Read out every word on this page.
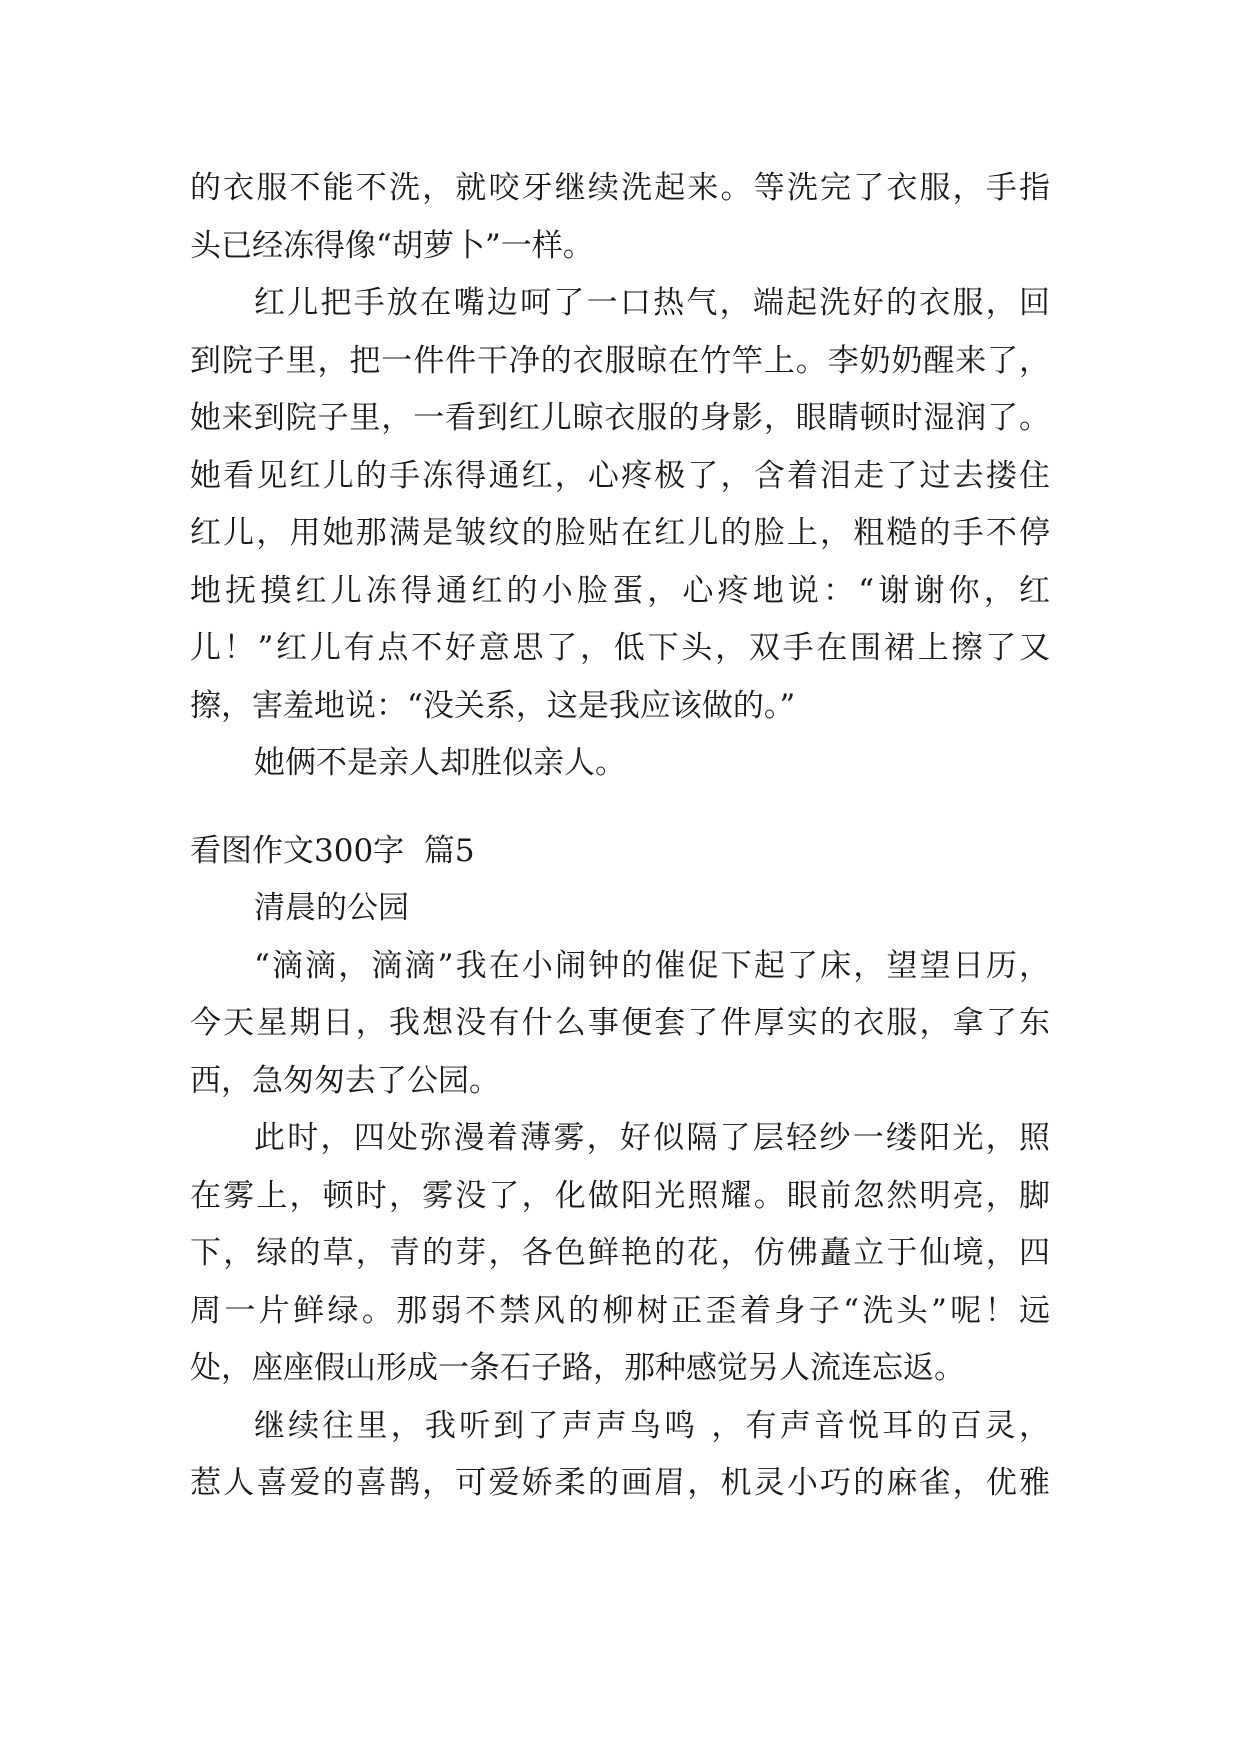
的衣服不能不洗，就咬牙继续洗起来。等洗完了衣服，手指
头已经冻得像“胡萝卜”一样。
红儿把手放在嘴边呵了一口热气，端起洗好的衣服，回
到院子里，把一件件干净的衣服晾在竹竿上。李奶奶醒来了，
她来到院子里，一看到红儿晾衣服的身影，眼睛顿时湿润了。
她看见红儿的手冻得通红，心疼极了，含着泪走了过去搂住
红儿，用她那满是皱纹的脸贴在红儿的脸上，粗糙的手不停
地抚摸红儿冻得通红的小脸蛋，心疼地说：“谢谢你，红
儿！”红儿有点不好意思了，低下头，双手在围裙上擦了又
擦，害羞地说：“没关系，这是我应该做的。”
她俩不是亲人却胜似亲人。
看图作文300字  篇5
清晨的公园
“滴滴，滴滴”我在小闹钟的催促下起了床，望望日历，
今天星期日，我想没有什么事便套了件厚实的衣服，拿了东
西，急匆匆去了公园。
此时，四处弥漫着薄雾，好似隔了层轻纱一缕阳光，照
在雾上，顿时，雾没了，化做阳光照耀。眼前忽然明亮，脚
下，绿的草，青的芽，各色鲜艳的花，仿佛矗立于仙境，四
周一片鲜绿。那弱不禁风的柳树正歪着身子“洗头”呢！远
处，座座假山形成一条石子路，那种感觉另人流连忘返。
继续往里，我听到了声声鸟鸣 ，有声音悦耳的百灵，
惹人喜爱的喜鹊，可爱娇柔的画眉，机灵小巧的麻雀，优雅
